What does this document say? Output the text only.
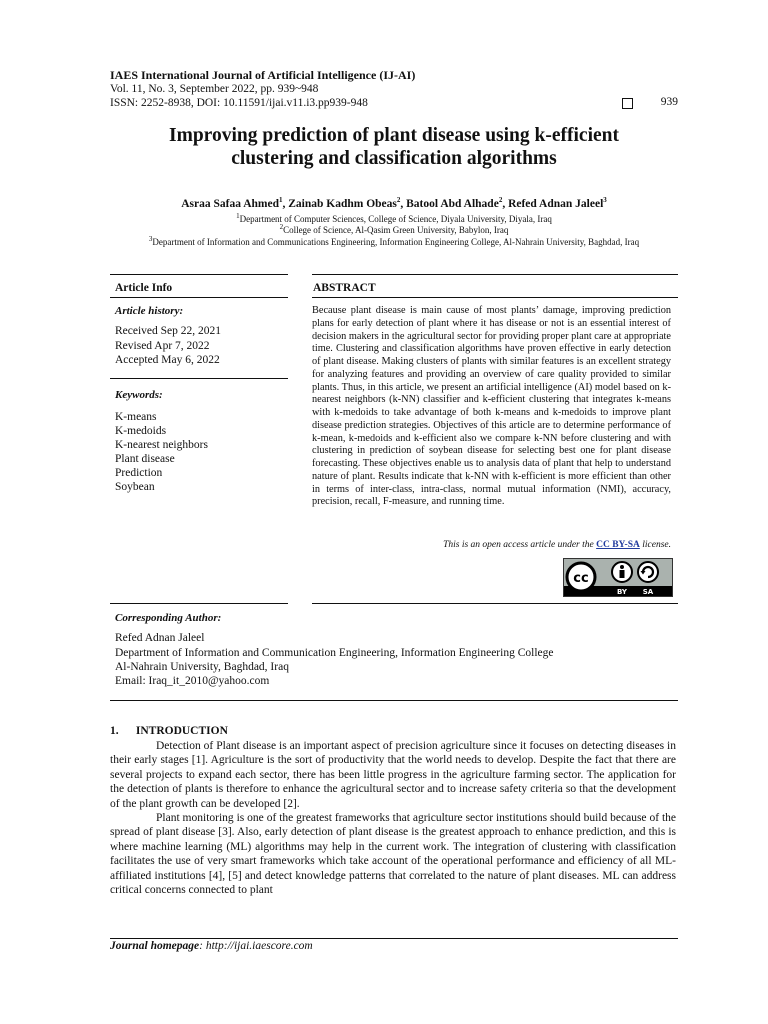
IAES International Journal of Artificial Intelligence (IJ-AI)
Vol. 11, No. 3, September 2022, pp. 939~948
ISSN: 2252-8938, DOI: 10.11591/ijai.v11.i3.pp939-948	939
Improving prediction of plant disease using k-efficient
clustering and classification algorithms
Asraa Safaa Ahmed$^1$, Zainab Kadhm Obeas$^2$, Batool Abd Alhade$^2$, Refed Adnan Jaleel$^3$
$^1$Department of Computer Sciences, College of Science, Diyala University, Diyala, Iraq
$^2$College of Science, Al-Qasim Green University, Babylon, Iraq
$^3$Department of Information and Communications Engineering, Information Engineering College, Al-Nahrain University, Baghdad, Iraq
Article Info	ABSTRACT
Article history:
Received Sep 22, 2021
Revised Apr 7, 2022
Accepted May 6, 2022
Keywords:
K-means
K-medoids
K-nearest neighbors
Plant disease
Prediction
Soybean
Because plant disease is main cause of most plants’ damage, improving prediction plans for early detection of plant where it has disease or not is an essential interest of decision makers in the agricultural sector for providing proper plant care at appropriate time. Clustering and classification algorithms have proven effective in early detection of plant disease. Making clusters of plants with similar features is an excellent strategy for analyzing features and providing an overview of care quality provided to similar plants. Thus, in this article, we present an artificial intelligence (AI) model based on k-nearest neighbors (k-NN) classifier and k-efficient clustering that integrates k-means with k-medoids to take advantage of both k-means and k-medoids to improve plant disease prediction strategies. Objectives of this article are to determine performance of k-mean, k-medoids and k-efficient also we compare k-NN before clustering and with clustering in prediction of soybean disease for selecting best one for plant disease forecasting. These objectives enable us to analysis data of plant that help to understand nature of plant. Results indicate that k-NN with k-efficient is more efficient than other in terms of inter-class, intra-class, normal mutual information (NMI), accuracy, precision, recall, F-measure, and running time.
This is an open access article under the CC BY-SA license.
cc
BY SA
Corresponding Author:
Refed Adnan Jaleel
Department of Information and Communication Engineering, Information Engineering College
Al-Nahrain University, Baghdad, Iraq
Email: Iraq_it_2010@yahoo.com
1.      INTRODUCTION

Detection of Plant disease is an important aspect of precision agriculture since it focuses on detecting diseases in their early stages [1]. Agriculture is the sort of productivity that the world needs to develop. Despite the fact that there are several projects to expand each sector, there has been little progress in the agriculture farming sector. The application for the detection of plants is therefore to enhance the agricultural sector and to increase safety criteria so that the development of the plant growth can be developed [2].

Plant monitoring is one of the greatest frameworks that agriculture sector institutions should build because of the spread of plant disease [3]. Also, early detection of plant disease is the greatest approach to enhance prediction, and this is where machine learning (ML) algorithms may help in the current work. The integration of clustering with classification facilitates the use of very smart frameworks which take account of the operational performance and efficiency of all ML-affiliated institutions [4], [5] and detect knowledge patterns that correlated to the nature of plant diseases. ML can address critical concerns connected to plant

Journal homepage: http://ijai.iaescore.com
